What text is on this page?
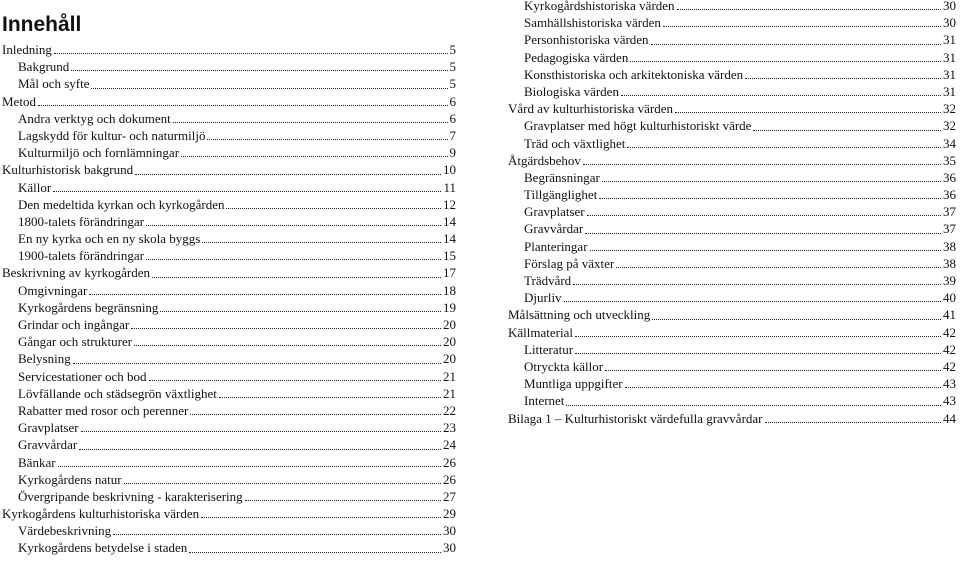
Innehåll
Inledning	5
Bakgrund	5
Mål och syfte	5
Metod	6
Andra verktyg och dokument	6
Lagskydd för kultur- och naturmiljö	7
Kulturmiljö och fornlämningar	9
Kulturhistorisk bakgrund	10
Källor	11
Den medeltida kyrkan och kyrkogården	12
1800-talets förändringar	14
En ny kyrka och en ny skola byggs	14
1900-talets förändringar	15
Beskrivning av kyrkogården	17
Omgivningar	18
Kyrkogårdens begränsning	19
Grindar och ingångar	20
Gångar och strukturer	20
Belysning	20
Servicestationer och bod	21
Lövfällande och städsegrön växtlighet	21
Rabatter med rosor och perenner	22
Gravplatser	23
Gravvårdar	24
Bänkar	26
Kyrkogårdens natur	26
Övergripande beskrivning - karakterisering	27
Kyrkogårdens kulturhistoriska värden	29
Värdebeskrivning	30
Kyrkogårdens betydelse i staden	30
Kyrkogårdshistoriska värden	30
Samhällshistoriska värden	30
Personhistoriska värden	31
Pedagogiska värden	31
Konsthistoriska och arkitektoniska värden	31
Biologiska värden	31
Vård av kulturhistoriska värden	32
Gravplatser med högt kulturhistoriskt värde	32
Träd och växtlighet	34
Åtgärdsbehov	35
Begränsningar	36
Tillgänglighet	36
Gravplatser	37
Gravvårdar	37
Planteringar	38
Förslag på växter	38
Trädvård	39
Djurliv	40
Målsättning och utveckling	41
Källmaterial	42
Litteratur	42
Otryckta källor	42
Muntliga uppgifter	43
Internet	43
Bilaga 1 – Kulturhistoriskt värdefulla gravvårdar	44
